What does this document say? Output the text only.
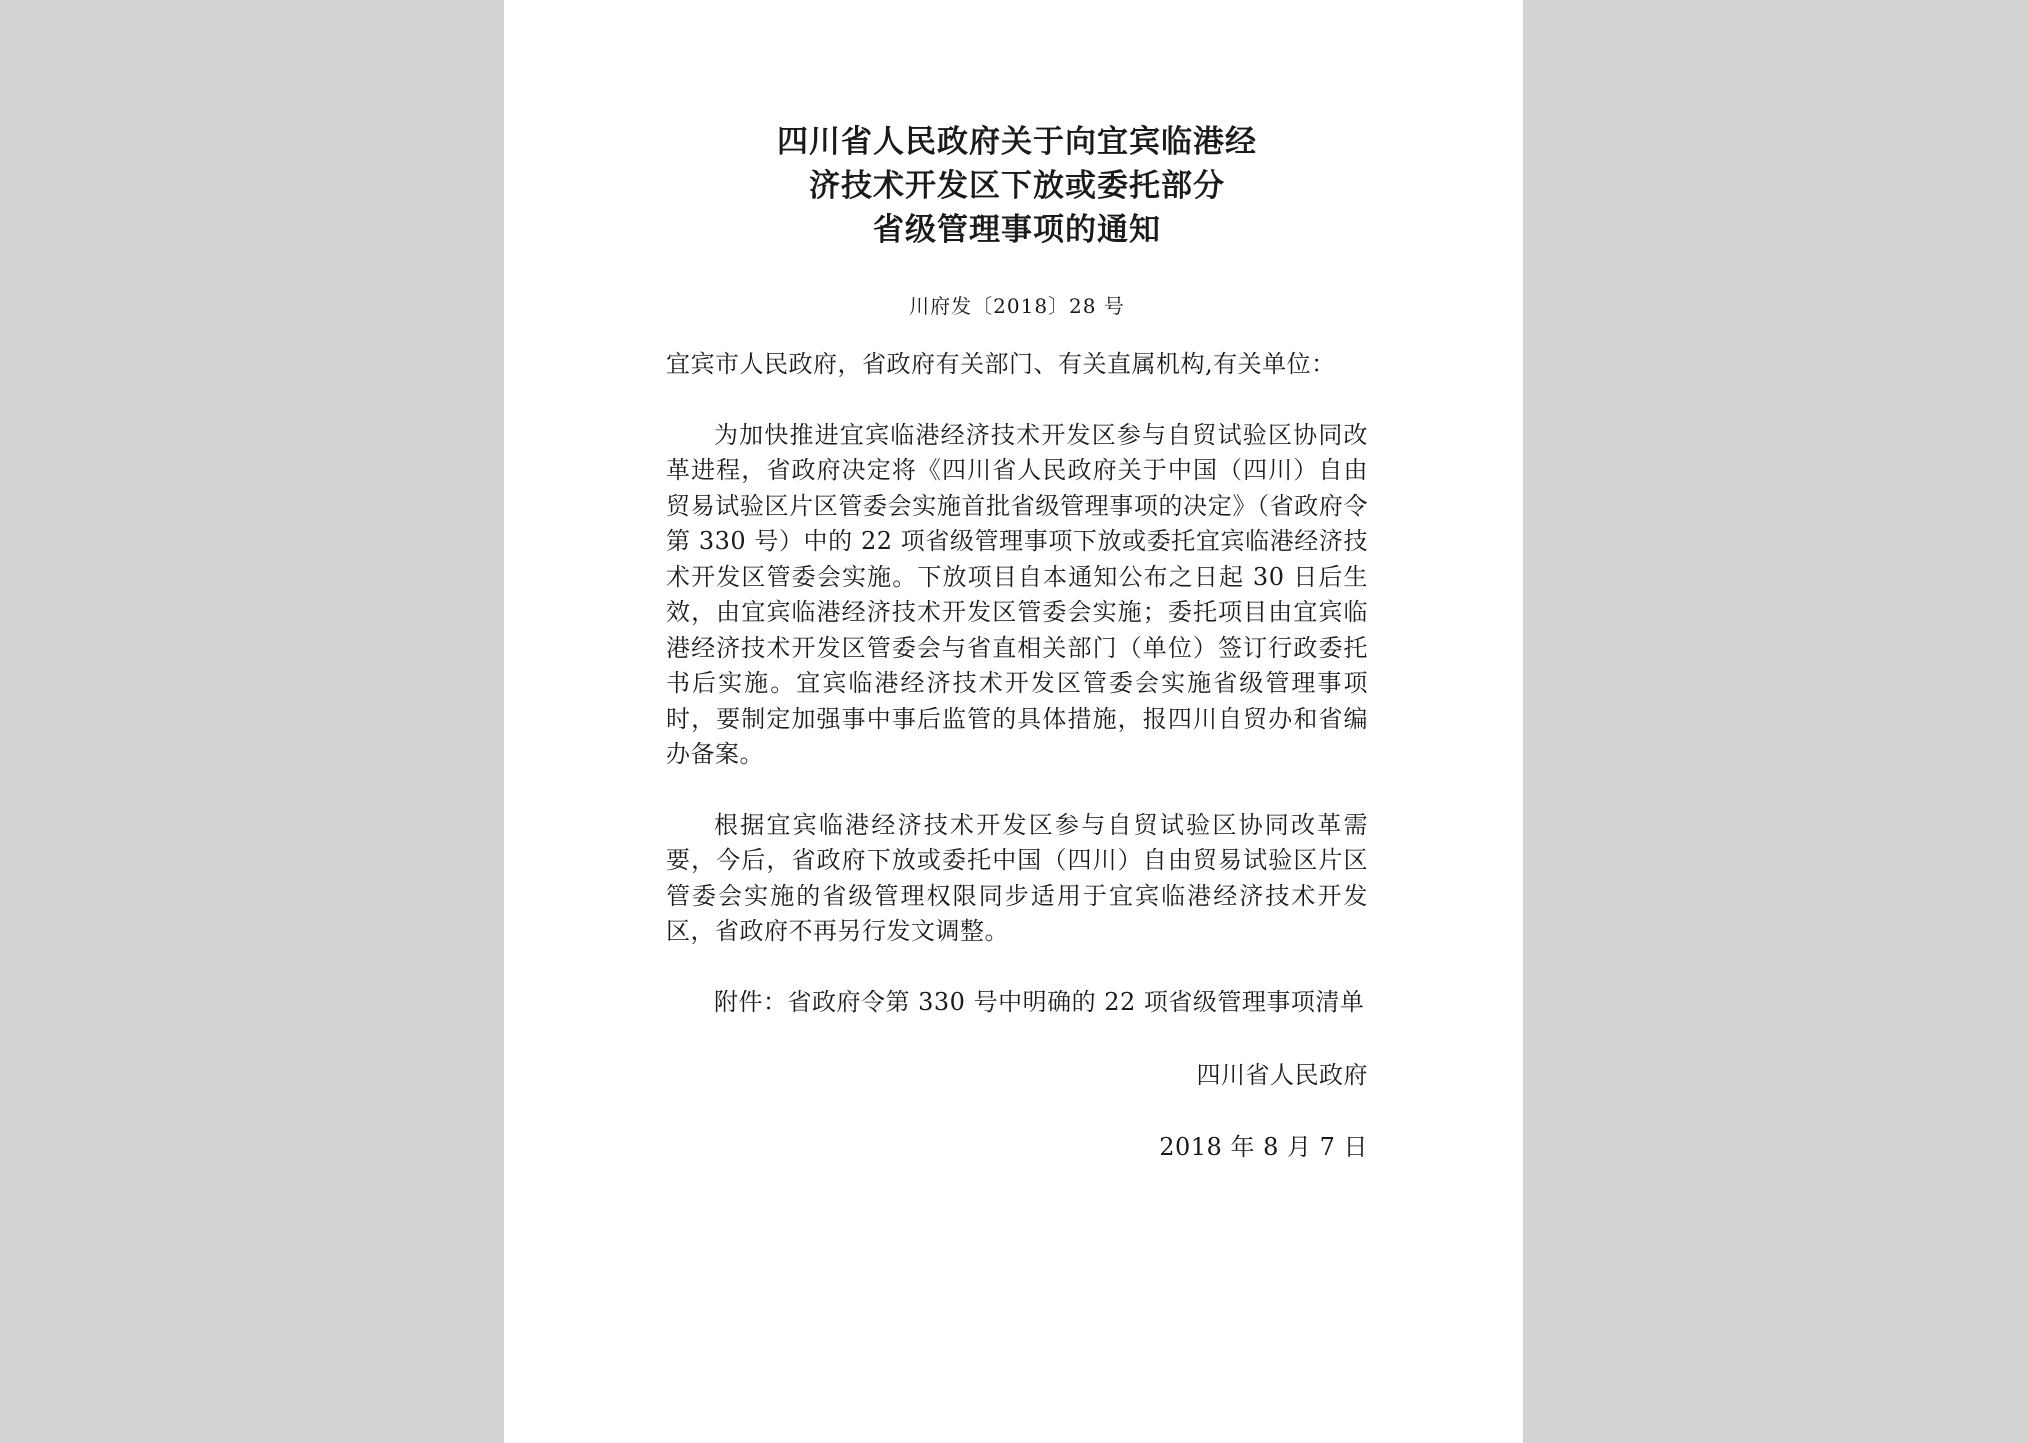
四川省人民政府关于向宜宾临港经
济技术开发区下放或委托部分
省级管理事项的通知
川府发〔2018〕28 号
宜宾市人民政府，省政府有关部门、有关直属机构,有关单位：
为加快推进宜宾临港经济技术开发区参与自贸试验区协同改革进程，省政府决定将《四川省人民政府关于中国（四川）自由贸易试验区片区管委会实施首批省级管理事项的决定》（省政府令第 330 号）中的 22 项省级管理事项下放或委托宜宾临港经济技术开发区管委会实施。下放项目自本通知公布之日起 30 日后生效，由宜宾临港经济技术开发区管委会实施；委托项目由宜宾临港经济技术开发区管委会与省直相关部门（单位）签订行政委托书后实施。宜宾临港经济技术开发区管委会实施省级管理事项时，要制定加强事中事后监管的具体措施，报四川自贸办和省编办备案。
根据宜宾临港经济技术开发区参与自贸试验区协同改革需要，今后，省政府下放或委托中国（四川）自由贸易试验区片区管委会实施的省级管理权限同步适用于宜宾临港经济技术开发区，省政府不再另行发文调整。
附件：省政府令第 330 号中明确的 22 项省级管理事项清单
四川省人民政府
2018 年 8 月 7 日
